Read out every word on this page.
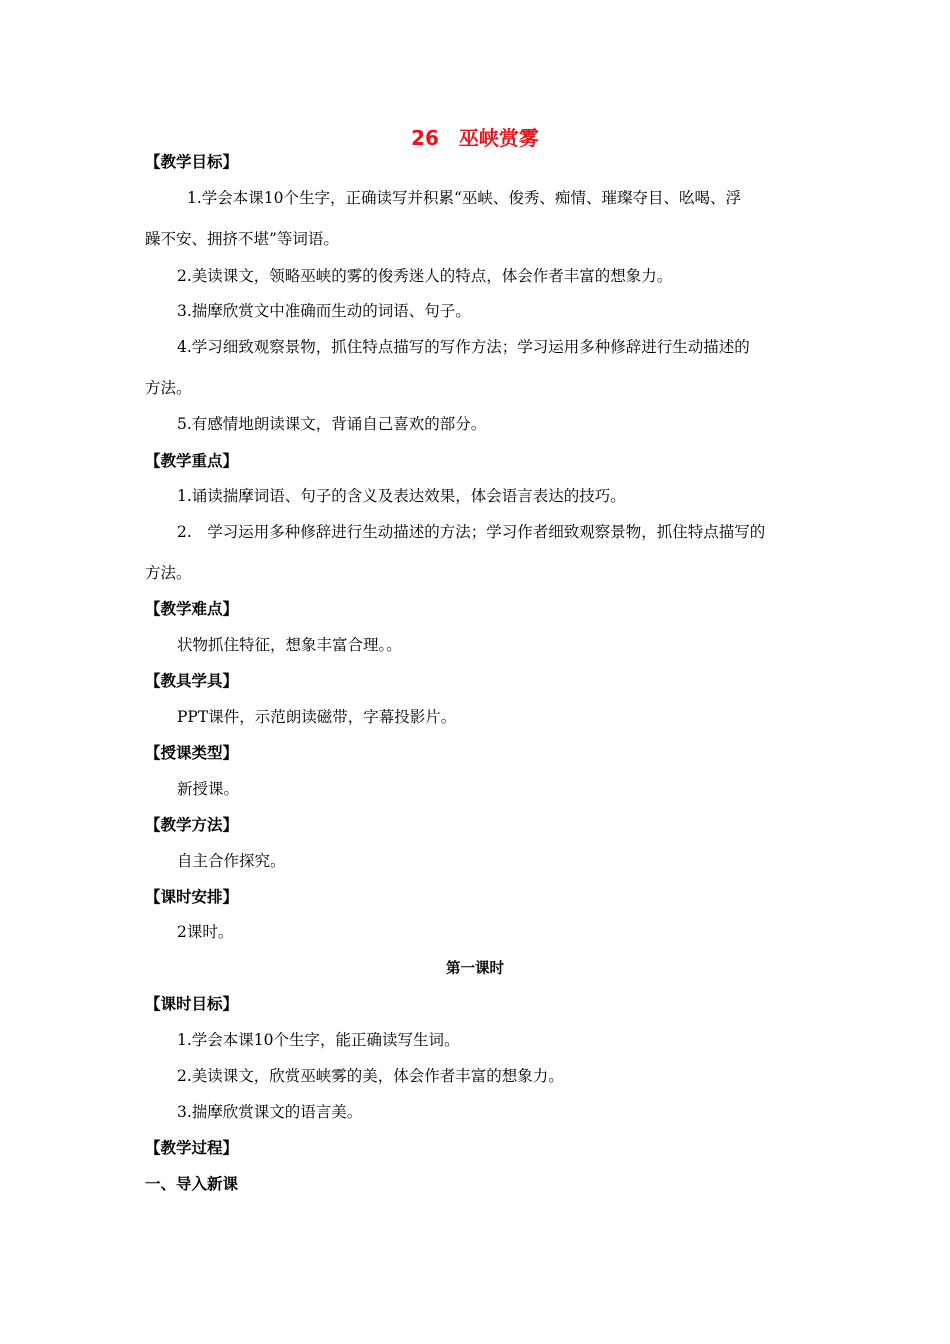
26　巫峡赏雾
【教学目标】
1.学会本课10个生字，正确读写并积累“巫峡、俊秀、痴情、璀璨夺目、吆喝、浮
躁不安、拥挤不堪”等词语。
2.美读课文，领略巫峡的雾的俊秀迷人的特点，体会作者丰富的想象力。
3.揣摩欣赏文中准确而生动的词语、句子。
4.学习细致观察景物，抓住特点描写的写作方法；学习运用多种修辞进行生动描述的
方法。
5.有感情地朗读课文，背诵自己喜欢的部分。
【教学重点】
1.诵读揣摩词语、句子的含义及表达效果，体会语言表达的技巧。
2.　学习运用多种修辞进行生动描述的方法；学习作者细致观察景物，抓住特点描写的
方法。
【教学难点】
状物抓住特征，想象丰富合理。。
【教具学具】
PPT课件，示范朗读磁带，字幕投影片。
【授课类型】
新授课。
【教学方法】
自主合作探究。
【课时安排】
2课时。
第一课时
【课时目标】
1.学会本课10个生字，能正确读写生词。
2.美读课文，欣赏巫峡雾的美，体会作者丰富的想象力。
3.揣摩欣赏课文的语言美。
【教学过程】
一、导入新课
